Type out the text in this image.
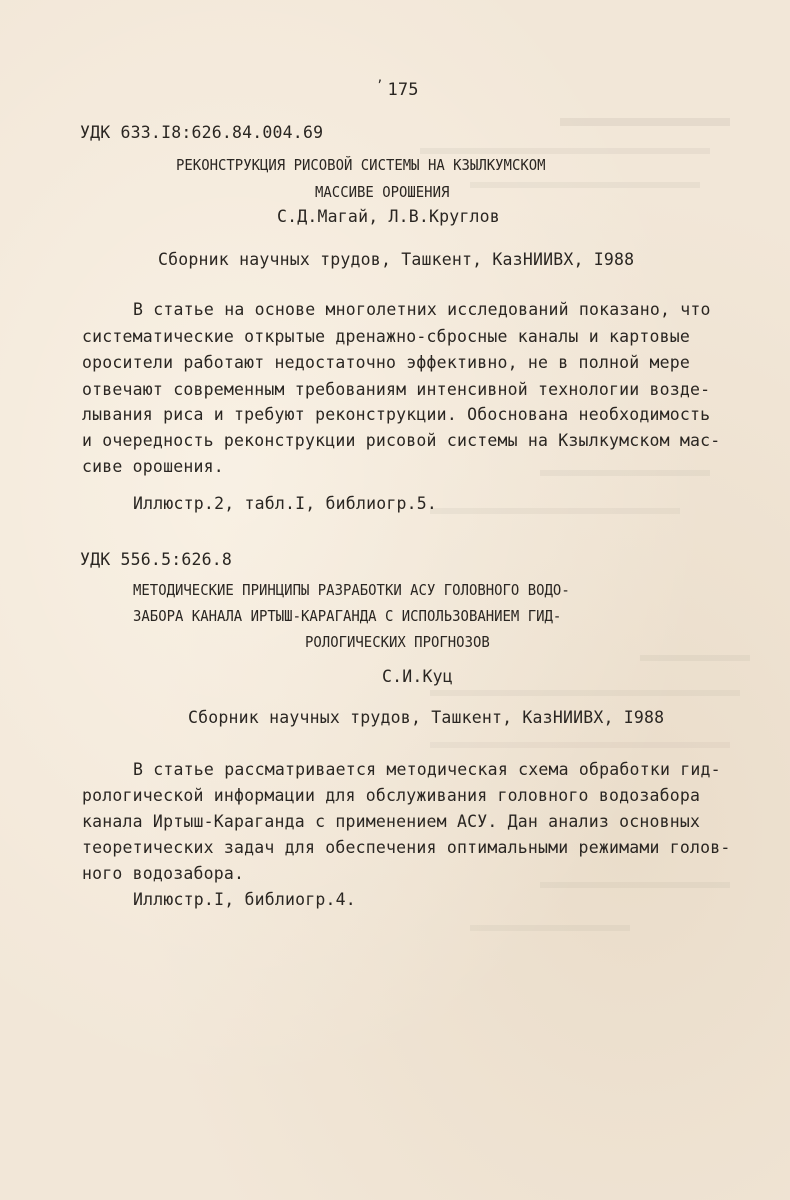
’ 175
УДК 633.I8:626.84.004.69
РЕКОНСТРУКЦИЯ РИСОВОЙ СИСТЕМЫ НА КЗЫЛКУМСКОМ
МАССИВЕ ОРОШЕНИЯ
С.Д.Магай, Л.В.Круглов
Сборник научных трудов, Ташкент, КазНИИВХ, I988
В статье на основе многолетних исследований показано, что
систематические открытые дренажно-сбросные каналы и картовые
оросители работают недостаточно эффективно, не в полной мере
отвечают современным требованиям интенсивной технологии возде-
лывания риса и требуют реконструкции. Обоснована необходимость
и очередность реконструкции рисовой системы на Кзылкумском мас-
сиве орошения.
Иллюстр.2, табл.I, библиогр.5.
УДК 556.5:626.8
МЕТОДИЧЕСКИЕ ПРИНЦИПЫ РАЗРАБОТКИ АСУ ГОЛОВНОГО ВОДО-
ЗАБОРА КАНАЛА ИРТЫШ-КАРАГАНДА С ИСПОЛЬЗОВАНИЕМ ГИД-
РОЛОГИЧЕСКИХ ПРОГНОЗОВ
С.И.Куц
Сборник научных трудов, Ташкент, КазНИИВХ, I988
В статье рассматривается методическая схема обработки гид-
рологической информации для обслуживания головного водозабора
канала Иртыш-Караганда с применением АСУ. Дан анализ основных
теоретических задач для обеспечения оптимальными режимами голов-
ного водозабора.
Иллюстр.I, библиогр.4.
